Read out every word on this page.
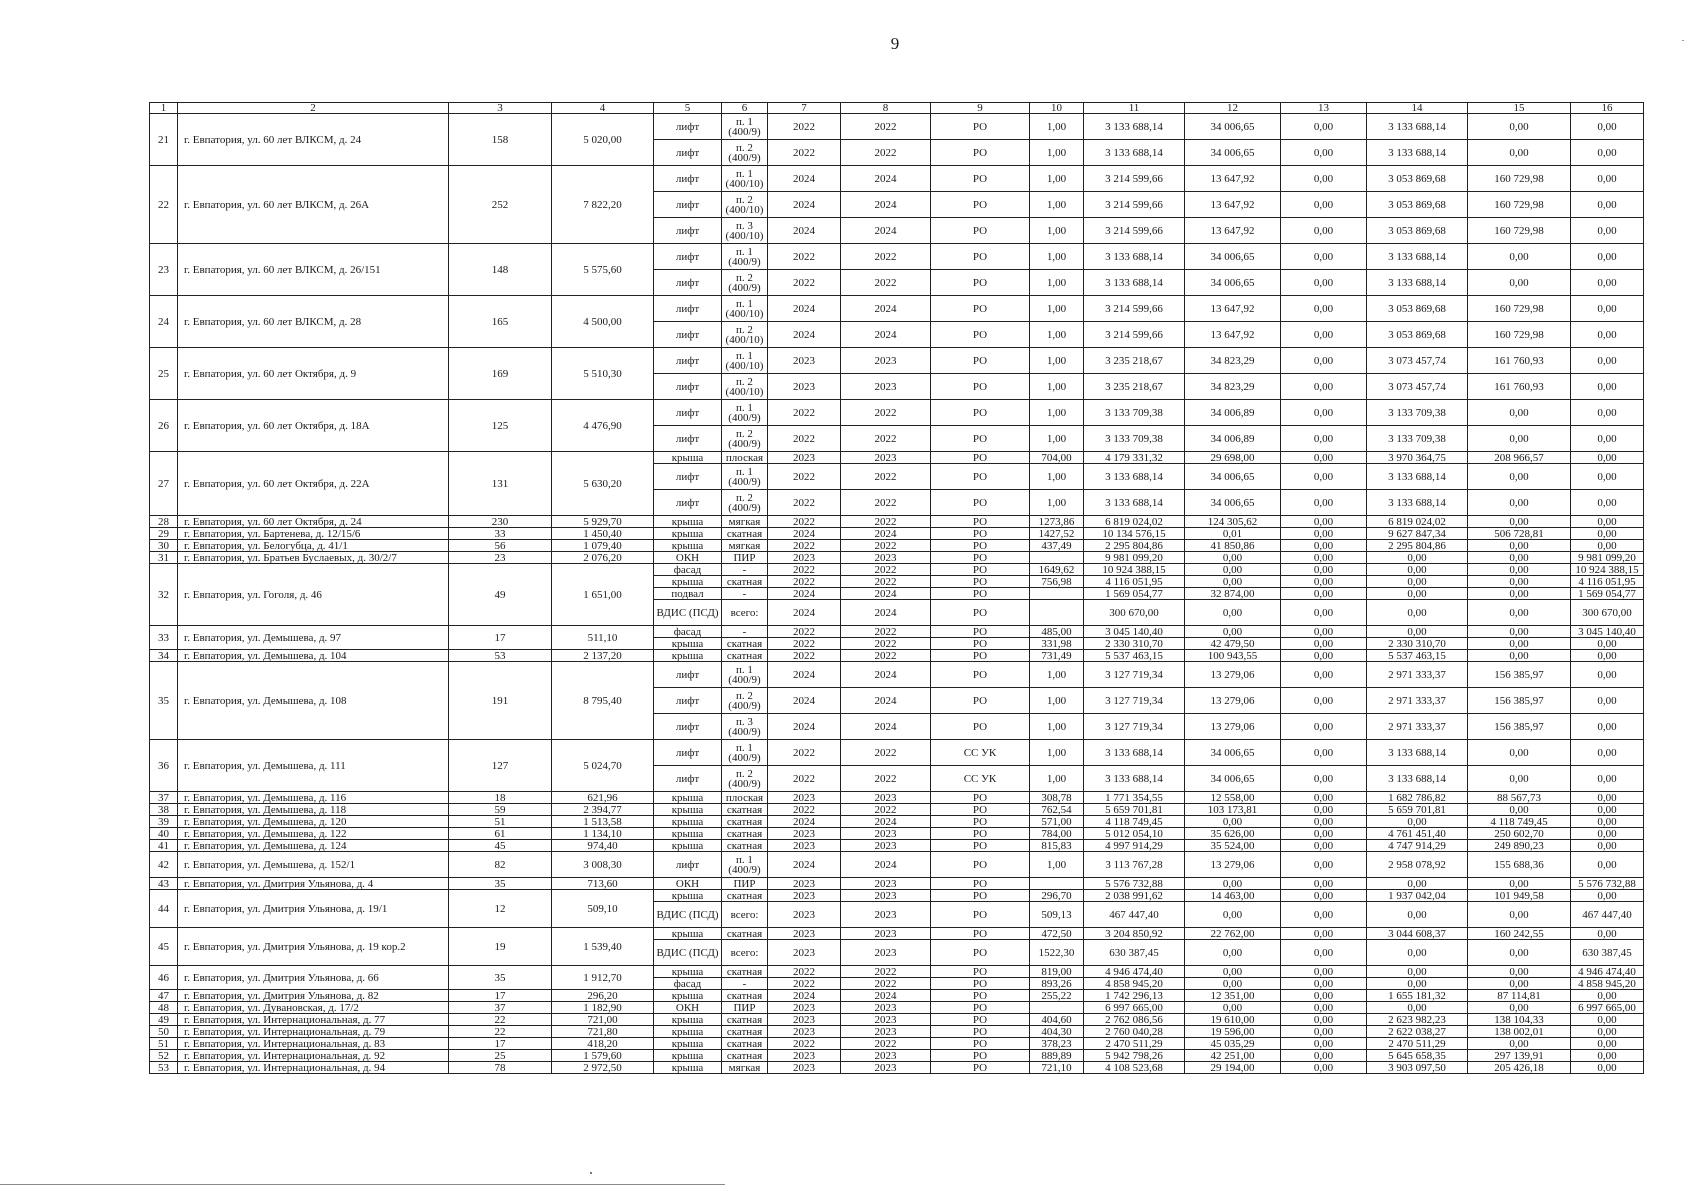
9
1	2	3	4	5	6	7	8	9	10	11	12	13	14	15	16
21	г. Евпатория, ул. 60 лет ВЛКСМ, д. 24	158	5 020,00	лифт	п. 1 (400/9)	2022	2022	РО	1,00	3 133 688,14	34 006,65	0,00	3 133 688,14	0,00	0,00
				лифт	п. 2 (400/9)	2022	2022	РО	1,00	3 133 688,14	34 006,65	0,00	3 133 688,14	0,00	0,00
22	г. Евпатория, ул. 60 лет ВЛКСМ, д. 26А	252	7 822,20	лифт	п. 1 (400/10)	2024	2024	РО	1,00	3 214 599,66	13 647,92	0,00	3 053 869,68	160 729,98	0,00
				лифт	п. 2 (400/10)	2024	2024	РО	1,00	3 214 599,66	13 647,92	0,00	3 053 869,68	160 729,98	0,00
				лифт	п. 3 (400/10)	2024	2024	РО	1,00	3 214 599,66	13 647,92	0,00	3 053 869,68	160 729,98	0,00
23	г. Евпатория, ул. 60 лет ВЛКСМ, д. 26/151	148	5 575,60	лифт	п. 1 (400/9)	2022	2022	РО	1,00	3 133 688,14	34 006,65	0,00	3 133 688,14	0,00	0,00
				лифт	п. 2 (400/9)	2022	2022	РО	1,00	3 133 688,14	34 006,65	0,00	3 133 688,14	0,00	0,00
24	г. Евпатория, ул. 60 лет ВЛКСМ, д. 28	165	4 500,00	лифт	п. 1 (400/10)	2024	2024	РО	1,00	3 214 599,66	13 647,92	0,00	3 053 869,68	160 729,98	0,00
				лифт	п. 2 (400/10)	2024	2024	РО	1,00	3 214 599,66	13 647,92	0,00	3 053 869,68	160 729,98	0,00
25	г. Евпатория, ул. 60 лет Октября, д. 9	169	5 510,30	лифт	п. 1 (400/10)	2023	2023	РО	1,00	3 235 218,67	34 823,29	0,00	3 073 457,74	161 760,93	0,00
				лифт	п. 2 (400/10)	2023	2023	РО	1,00	3 235 218,67	34 823,29	0,00	3 073 457,74	161 760,93	0,00
26	г. Евпатория, ул. 60 лет Октября, д. 18А	125	4 476,90	лифт	п. 1 (400/9)	2022	2022	РО	1,00	3 133 709,38	34 006,89	0,00	3 133 709,38	0,00	0,00
				лифт	п. 2 (400/9)	2022	2022	РО	1,00	3 133 709,38	34 006,89	0,00	3 133 709,38	0,00	0,00
27	г. Евпатория, ул. 60 лет Октября, д. 22А	131	5 630,20	крыша	плоская	2023	2023	РО	704,00	4 179 331,32	29 698,00	0,00	3 970 364,75	208 966,57	0,00
				лифт	п. 1 (400/9)	2022	2022	РО	1,00	3 133 688,14	34 006,65	0,00	3 133 688,14	0,00	0,00
				лифт	п. 2 (400/9)	2022	2022	РО	1,00	3 133 688,14	34 006,65	0,00	3 133 688,14	0,00	0,00
28	г. Евпатория, ул. 60 лет Октября, д. 24	230	5 929,70	крыша	мягкая	2022	2022	РО	1273,86	6 819 024,02	124 305,62	0,00	6 819 024,02	0,00	0,00
29	г. Евпатория, ул. Бартенева, д. 12/15/6	33	1 450,40	крыша	скатная	2024	2024	РО	1427,52	10 134 576,15	0,01	0,00	9 627 847,34	506 728,81	0,00
30	г. Евпатория, ул. Белогубца, д. 41/1	56	1 079,40	крыша	мягкая	2022	2022	РО	437,49	2 295 804,86	41 850,86	0,00	2 295 804,86	0,00	0,00
31	г. Евпатория, ул. Братьев Буслаевых, д. 30/2/7	23	2 076,20	ОКН	ПИР	2023	2023	РО		9 981 099,20	0,00	0,00	0,00	0,00	9 981 099,20
32	г. Евпатория, ул. Гоголя, д. 46	49	1 651,00	фасад	-	2022	2022	РО	1649,62	10 924 388,15	0,00	0,00	0,00	0,00	10 924 388,15
				крыша	скатная	2022	2022	РО	756,98	4 116 051,95	0,00	0,00	0,00	0,00	4 116 051,95
				подвал	-	2024	2024	РО		1 569 054,77	32 874,00	0,00	0,00	0,00	1 569 054,77
				ВДИС (ПСД)	всего:	2024	2024	РО		300 670,00	0,00	0,00	0,00	0,00	300 670,00
33	г. Евпатория, ул. Демышева, д. 97	17	511,10	фасад	-	2022	2022	РО	485,00	3 045 140,40	0,00	0,00	0,00	0,00	3 045 140,40
				крыша	скатная	2022	2022	РО	331,98	2 330 310,70	42 479,50	0,00	2 330 310,70	0,00	0,00
34	г. Евпатория, ул. Демышева, д. 104	53	2 137,20	крыша	скатная	2022	2022	РО	731,49	5 537 463,15	100 943,55	0,00	5 537 463,15	0,00	0,00
35	г. Евпатория, ул. Демышева, д. 108	191	8 795,40	лифт	п. 1 (400/9)	2024	2024	РО	1,00	3 127 719,34	13 279,06	0,00	2 971 333,37	156 385,97	0,00
				лифт	п. 2 (400/9)	2024	2024	РО	1,00	3 127 719,34	13 279,06	0,00	2 971 333,37	156 385,97	0,00
				лифт	п. 3 (400/9)	2024	2024	РО	1,00	3 127 719,34	13 279,06	0,00	2 971 333,37	156 385,97	0,00
36	г. Евпатория, ул. Демышева, д. 111	127	5 024,70	лифт	п. 1 (400/9)	2022	2022	СС УК	1,00	3 133 688,14	34 006,65	0,00	3 133 688,14	0,00	0,00
				лифт	п. 2 (400/9)	2022	2022	СС УК	1,00	3 133 688,14	34 006,65	0,00	3 133 688,14	0,00	0,00
37	г. Евпатория, ул. Демышева, д. 116	18	621,96	крыша	плоская	2023	2023	РО	308,78	1 771 354,55	12 558,00	0,00	1 682 786,82	88 567,73	0,00
38	г. Евпатория, ул. Демышева, д. 118	59	2 394,77	крыша	скатная	2022	2022	РО	762,54	5 659 701,81	103 173,81	0,00	5 659 701,81	0,00	0,00
39	г. Евпатория, ул. Демышева, д. 120	51	1 513,58	крыша	скатная	2024	2024	РО	571,00	4 118 749,45	0,00	0,00	0,00	4 118 749,45	0,00
40	г. Евпатория, ул. Демышева, д. 122	61	1 134,10	крыша	скатная	2023	2023	РО	784,00	5 012 054,10	35 626,00	0,00	4 761 451,40	250 602,70	0,00
41	г. Евпатория, ул. Демышева, д. 124	45	974,40	крыша	скатная	2023	2023	РО	815,83	4 997 914,29	35 524,00	0,00	4 747 914,29	249 890,23	0,00
42	г. Евпатория, ул. Демышева, д. 152/1	82	3 008,30	лифт	п. 1 (400/9)	2024	2024	РО	1,00	3 113 767,28	13 279,06	0,00	2 958 078,92	155 688,36	0,00
43	г. Евпатория, ул. Дмитрия Ульянова, д. 4	35	713,60	ОКН	ПИР	2023	2023	РО		5 576 732,88	0,00	0,00	0,00	0,00	5 576 732,88
44	г. Евпатория, ул. Дмитрия Ульянова, д. 19/1	12	509,10	крыша	скатная	2023	2023	РО	296,70	2 038 991,62	14 463,00	0,00	1 937 042,04	101 949,58	0,00
				ВДИС (ПСД)	всего:	2023	2023	РО	509,13	467 447,40	0,00	0,00	0,00	0,00	467 447,40
45	г. Евпатория, ул. Дмитрия Ульянова, д. 19 кор.2	19	1 539,40	крыша	скатная	2023	2023	РО	472,50	3 204 850,92	22 762,00	0,00	3 044 608,37	160 242,55	0,00
				ВДИС (ПСД)	всего:	2023	2023	РО	1522,30	630 387,45	0,00	0,00	0,00	0,00	630 387,45
46	г. Евпатория, ул. Дмитрия Ульянова, д. 66	35	1 912,70	крыша	скатная	2022	2022	РО	819,00	4 946 474,40	0,00	0,00	0,00	0,00	4 946 474,40
				фасад	-	2022	2022	РО	893,26	4 858 945,20	0,00	0,00	0,00	0,00	4 858 945,20
47	г. Евпатория, ул. Дмитрия Ульянова, д. 82	17	296,20	крыша	скатная	2024	2024	РО	255,22	1 742 296,13	12 351,00	0,00	1 655 181,32	87 114,81	0,00
48	г. Евпатория, ул. Дувановская, д. 17/2	37	1 182,90	ОКН	ПИР	2023	2023	РО		6 997 665,00	0,00	0,00	0,00	0,00	6 997 665,00
49	г. Евпатория, ул. Интернациональная, д. 77	22	721,00	крыша	скатная	2023	2023	РО	404,60	2 762 086,56	19 610,00	0,00	2 623 982,23	138 104,33	0,00
50	г. Евпатория, ул. Интернациональная, д. 79	22	721,80	крыша	скатная	2023	2023	РО	404,30	2 760 040,28	19 596,00	0,00	2 622 038,27	138 002,01	0,00
51	г. Евпатория, ул. Интернациональная, д. 83	17	418,20	крыша	скатная	2022	2022	РО	378,23	2 470 511,29	45 035,29	0,00	2 470 511,29	0,00	0,00
52	г. Евпатория, ул. Интернациональная, д. 92	25	1 579,60	крыша	скатная	2023	2023	РО	889,89	5 942 798,26	42 251,00	0,00	5 645 658,35	297 139,91	0,00
53	г. Евпатория, ул. Интернациональная, д. 94	78	2 972,50	крыша	мягкая	2023	2023	РО	721,10	4 108 523,68	29 194,00	0,00	3 903 097,50	205 426,18	0,00
